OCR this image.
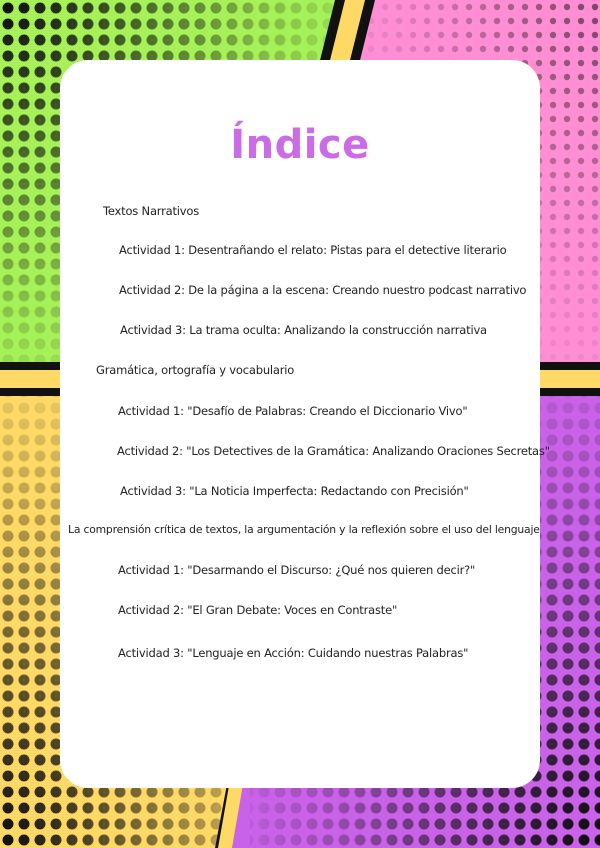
Índice
Textos Narrativos
Actividad 1: Desentrañando el relato: Pistas para el detective literario
Actividad 2: De la página a la escena: Creando nuestro podcast narrativo
Actividad 3: La trama oculta: Analizando la construcción narrativa
Gramática, ortografía y vocabulario
Actividad 1: "Desafío de Palabras: Creando el Diccionario Vivo"
Actividad 2: "Los Detectives de la Gramática: Analizando Oraciones Secretas"
Actividad 3: "La Noticia Imperfecta: Redactando con Precisión"
La comprensión crítica de textos, la argumentación y la reflexión sobre el uso del lenguaje
Actividad 1: "Desarmando el Discurso: ¿Qué nos quieren decir?"
Actividad 2: "El Gran Debate: Voces en Contraste"
Actividad 3: "Lenguaje en Acción: Cuidando nuestras Palabras"
